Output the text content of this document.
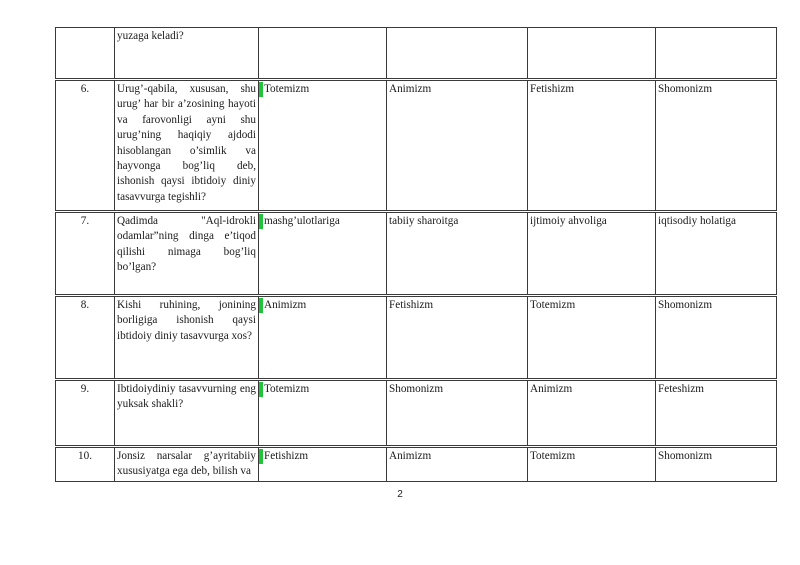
	yuzaga keladi?				
6.	Urug’-qabila, xususan, shu urug’ har bir a’zosining hayoti va farovonligi ayni shu urug’ning haqiqiy ajdodi hisoblangan o’simlik va hayvonga bog’liq deb, ishonish qaysi ibtidoiy diniy tasavvurga tegishli?	Totemizm	Animizm	Fetishizm	Shomonizm
7.	Qadimda "Aql-idrokli odamlar”ning dinga e’tiqod qilishi nimaga bog’liq bo’lgan?	mashg’ulotlariga	tabiiy sharoitga	ijtimoiy ahvoliga	iqtisodiy holatiga
8.	Kishi ruhining, jonining borligiga ishonish qaysi ibtidoiy diniy tasavvurga xos?	Animizm	Fetishizm	Totemizm	Shomonizm
9.	Ibtidoiydiniy tasavvurning eng yuksak shakli?	Totemizm	Shomonizm	Animizm	Feteshizm
10.	Jonsiz narsalar g’ayritabiiy xususiyatga ega deb, bilish va	Fetishizm	Animizm	Totemizm	Shomonizm
2
